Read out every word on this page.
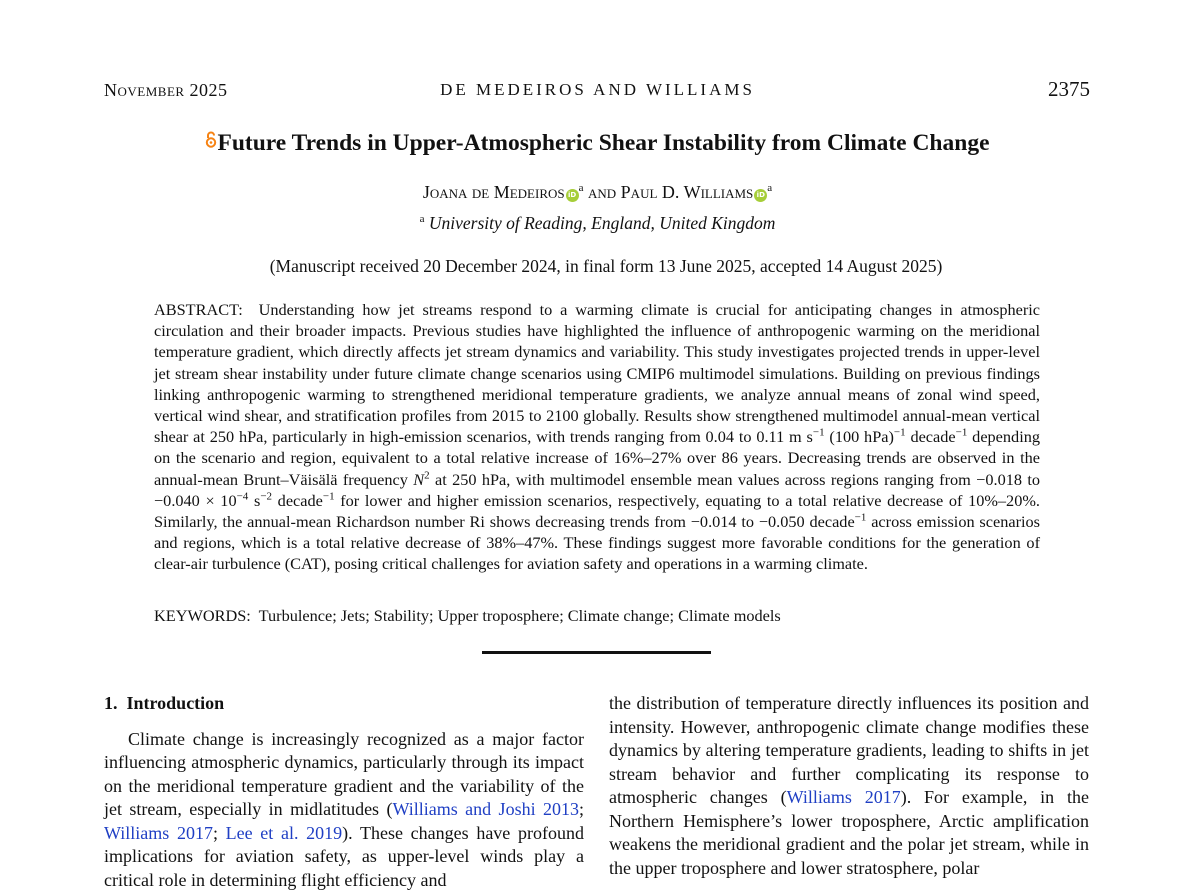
November 2025	DE MEDEIROS AND WILLIAMS	2375
Future Trends in Upper-Atmospheric Shear Instability from Climate Change
Joana de Medeiros $iD^a$ and Paul D. Williams $iD^a$
$^a$ University of Reading, England, United Kingdom
(Manuscript received 20 December 2024, in final form 13 June 2025, accepted 14 August 2025)
ABSTRACT: Understanding how jet streams respond to a warming climate is crucial for anticipating changes in atmospheric circulation and their broader impacts. Previous studies have highlighted the influence of anthropogenic warming on the meridional temperature gradient, which directly affects jet stream dynamics and variability. This study investigates projected trends in upper-level jet stream shear instability under future climate change scenarios using CMIP6 multimodel simulations. Building on previous findings linking anthropogenic warming to strengthened meridional temperature gradients, we analyze annual means of zonal wind speed, vertical wind shear, and stratification profiles from 2015 to 2100 globally. Results show strengthened multimodel annual-mean vertical shear at 250 hPa, particularly in high-emission scenarios, with trends ranging from 0.04 to 0.11 m $s^{-1}$ (100 hPa)$^{-1}$ decade$^{-1}$ depending on the scenario and region, equivalent to a total relative increase of 16%–27% over 86 years. Decreasing trends are observed in the annual-mean Brunt–Väisälä frequency $N^2$ at 250 hPa, with multimodel ensemble mean values across regions ranging from −0.018 to $-0.040 \times 10^{-4}$ $s^{-2}$ decade$^{-1}$ for lower and higher emission scenarios, respectively, equating to a total relative decrease of 10%–20%. Similarly, the annual-mean Richardson number Ri shows decreasing trends from −0.014 to −0.050 decade$^{-1}$ across emission scenarios and regions, which is a total relative decrease of 38%–47%. These findings suggest more favorable conditions for the generation of clear-air turbulence (CAT), posing critical challenges for aviation safety and operations in a warming climate.
KEYWORDS: Turbulence; Jets; Stability; Upper troposphere; Climate change; Climate models
1. Introduction

Climate change is increasingly recognized as a major factor influencing atmospheric dynamics, particularly through its impact on the meridional temperature gradient and the variability of the jet stream, especially in midlatitudes (Williams and Joshi 2013; Williams 2017; Lee et al. 2019). These changes have profound implications for aviation safety, as upper-level winds play a critical role in determining flight efficiency and

the distribution of temperature directly influences its position and intensity. However, anthropogenic climate change modifies these dynamics by altering temperature gradients, leading to shifts in jet stream behavior and further complicating its response to atmospheric changes (Williams 2017). For example, in the Northern Hemisphere’s lower troposphere, Arctic amplification weakens the meridional gradient and the polar jet stream, while in the upper troposphere and lower stratosphere, polar
